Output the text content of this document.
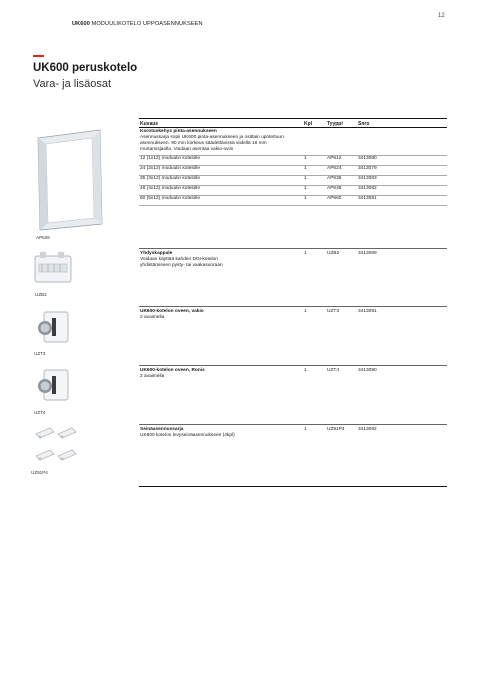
UK600 MODUULIKOTELO UPPOASENNUKSEEN
12
UK600 peruskotelo
Vara- ja lisäosat
Kuvaus	Kpl	Tyyppi	Snro
Korotuskehys pinta-asennukseen
Asennussarja sopii UK600 pinta-asennukseen ja osittain upotettuun
asennukseen. 90 mm korkeus säädettävissä viidellä 18 mm
murtamisjaolla. Voidaan asentaa vakio-oviin
12 (1x12) moduulin kotelolle	1	AP612	3413080
24 (2x12) moduulin kotelolle	1	AP624	3413079
36 (3x12) moduulin kotelolle	1	AP636	3413083
48 (4x12) moduulin kotelolle	1	AP648	3413082
60 (5x12) moduulin kotelolle	1	AP660	3413081
Yhdyskappale	1	UZB2	3413089
Voidaan käyttää kahden DIN-kotelon
yhdistämiseen pysty- tai vaakasuoraan
UK600-kotelon oveen, vakio	1	UZT3	3413091
2 avaimella
UK600-kotelon oveen, Ronis	1	UZT4	3413090
2 avaimella
Seinäasennussarja	1	UZ91P4	3413092
UK600 kotelon levyseinäasennukseen (4kpl)
AP636
UZB2
UZT3
UZT4
UZ91P4
